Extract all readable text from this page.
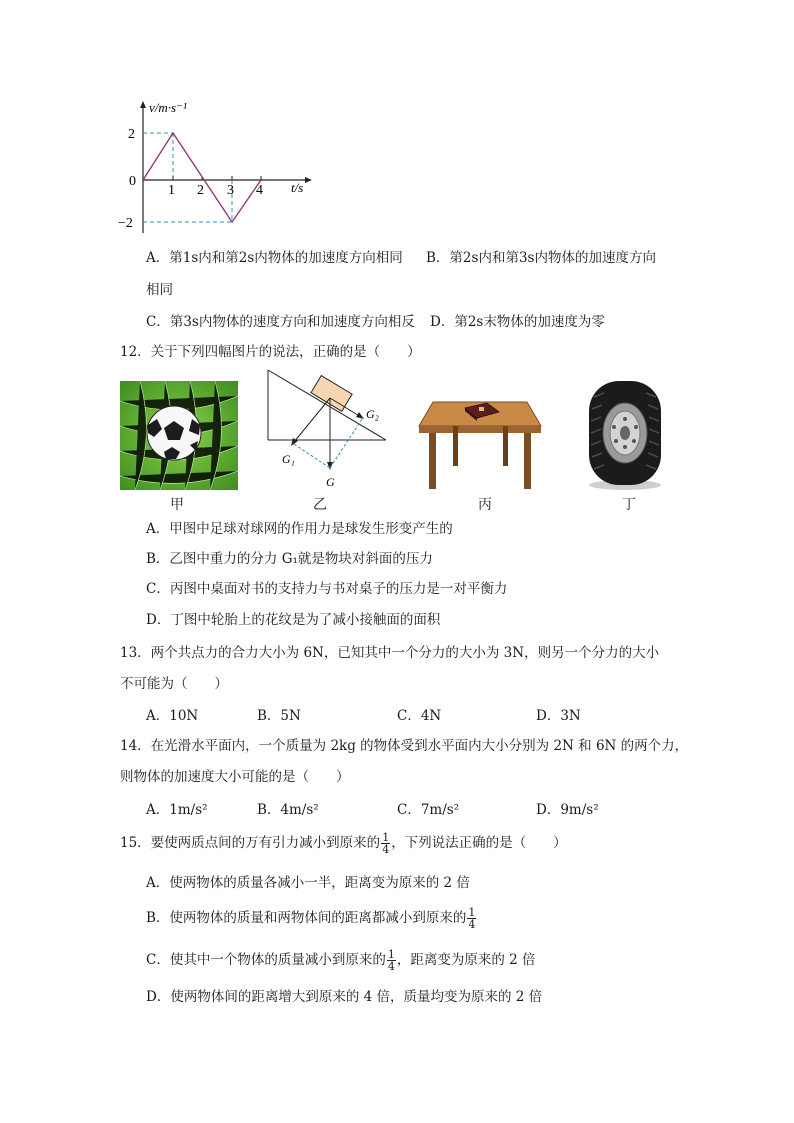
v/m·s⁻¹
t/s
2
0
−2
1 2 3 4
A．第1s内和第2s内物体的加速度方向相同 B．第2s内和第3s内物体的加速度方向
相同
C．第3s内物体的速度方向和加速度方向相反 D．第2s末物体的加速度为零
12．关于下列四幅图片的说法，正确的是（　　）
甲
G₂
G₁
G
乙	丙	丁
A．甲图中足球对球网的作用力是球发生形变产生的
B．乙图中重力的分力 G₁就是物块对斜面的压力
C．丙图中桌面对书的支持力与书对桌子的压力是一对平衡力
D．丁图中轮胎上的花纹是为了减小接触面的面积
13．两个共点力的合力大小为 6N，已知其中一个分力的大小为 3N，则另一个分力的大小
不可能为（　　）
A．10N	B．5N	C．4N	D．3N
14．在光滑水平面内，一个质量为 2kg 的物体受到水平面内大小分别为 2N 和 6N 的两个力，
则物体的加速度大小可能的是（　　）
A．1m/s²	B．4m/s²	C．7m/s²	D．9m/s²
15．要使两质点间的万有引力减小到原来的 $\frac{1}{4}$ ，下列说法正确的是（　　）
A．使两物体的质量各减小一半，距离变为原来的 2 倍
B．使两物体的质量和两物体间的距离都减小到原来的 $\frac{1}{4}$
C．使其中一个物体的质量减小到原来的 $\frac{1}{4}$ ，距离变为原来的 2 倍
D．使两物体间的距离增大到原来的 4 倍，质量均变为原来的 2 倍
